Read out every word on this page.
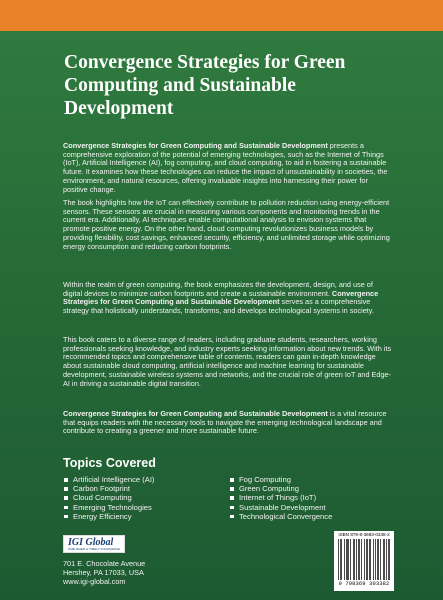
Convergence Strategies for Green Computing and Sustainable Development

Convergence Strategies for Green Computing and Sustainable Development presents a comprehensive exploration of the potential of emerging technologies, such as the Internet of Things (IoT), Artificial Intelligence (AI), fog computing, and cloud computing, to aid in fostering a sustainable future. It examines how these technologies can reduce the impact of unsustainability in societies, the environment, and natural resources, offering invaluable insights into harnessing their power for positive change.

The book highlights how the IoT can effectively contribute to pollution reduction using energy-efficient sensors. These sensors are crucial in measuring various components and monitoring trends in the current era. Additionally, AI techniques enable computational analysis to envision systems that promote positive energy. On the other hand, cloud computing revolutionizes business models by providing flexibility, cost savings, enhanced security, efficiency, and unlimited storage while optimizing energy consumption and reducing carbon footprints.

Within the realm of green computing, the book emphasizes the development, design, and use of digital devices to minimize carbon footprints and create a sustainable environment. Convergence Strategies for Green Computing and Sustainable Development serves as a comprehensive strategy that holistically understands, transforms, and develops technological systems in society.

This book caters to a diverse range of readers, including graduate students, researchers, working professionals seeking knowledge, and industry experts seeking information about new trends. With its recommended topics and comprehensive table of contents, readers can gain in-depth knowledge about sustainable cloud computing, artificial intelligence and machine learning for sustainable development, sustainable wireless systems and networks, and the crucial role of green IoT and Edge-AI in driving a sustainable digital transition.

Convergence Strategies for Green Computing and Sustainable Development is a vital resource that equips readers with the necessary tools to navigate the emerging technological landscape and contribute to creating a greener and more sustainable future.

Topics Covered
Artificial Intelligence (AI)
Carbon Footprint
Cloud Computing
Emerging Technologies
Energy Efficiency
Fog Computing
Green Computing
Internet of Things (IoT)
Sustainable Development
Technological Convergence
IGI Global
PUBLISHER of TIMELY KNOWLEDGE
701 E. Chocolate Avenue
Hershey, PA 17033, USA
www.igi-global.com
ISBN 979-8-3693-0338-2
9 798369 303382
